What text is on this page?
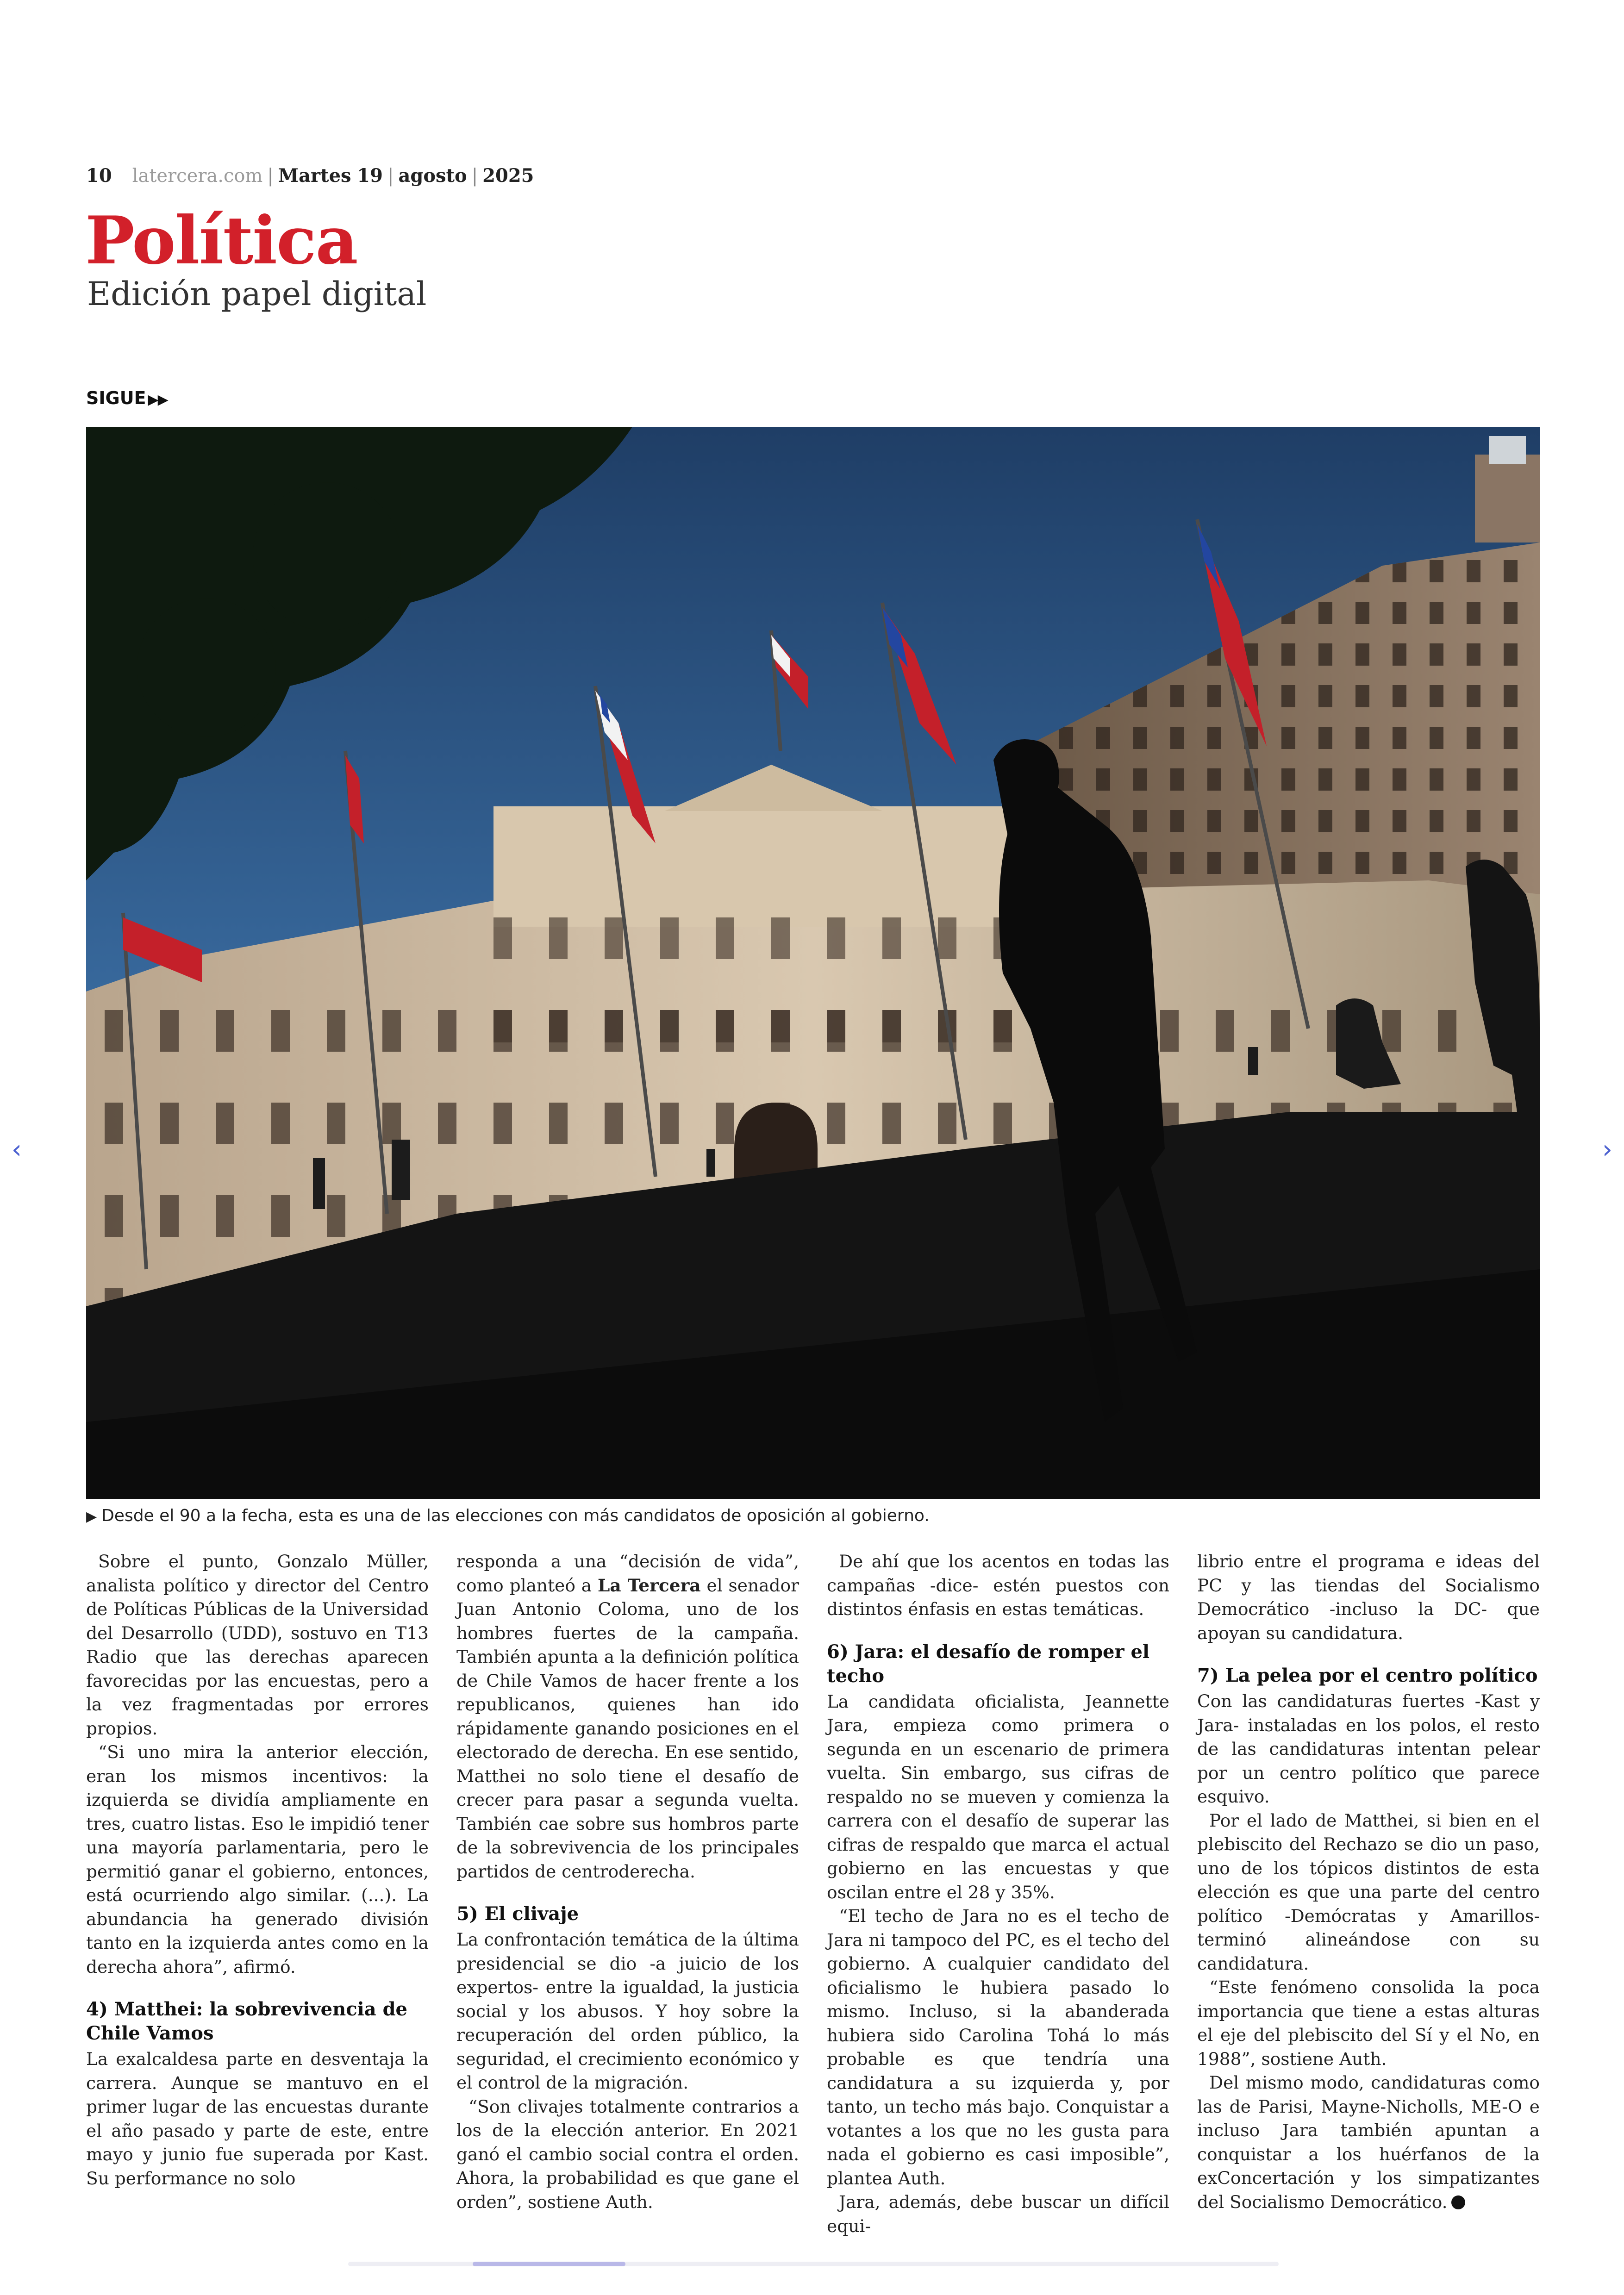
10 latercera.com | Martes 19 | agosto | 2025
Política
Edición papel digital
SIGUE ▶▶
▶ Desde el 90 a la fecha, esta es una de las elecciones con más candidatos de oposición al gobierno.

Sobre el punto, Gonzalo Müller, analista político y director del Centro de Políticas Públicas de la Universidad del Desarrollo (UDD), sostuvo en T13 Radio que las derechas aparecen favorecidas por las encuestas, pero a la vez fragmentadas por errores propios.

“Si uno mira la anterior elección, eran los mismos incentivos: la izquierda se dividía ampliamente en tres, cuatro listas. Eso le impidió tener una mayoría parlamentaria, pero le permitió ganar el gobierno, entonces, está ocurriendo algo similar. (...). La abundancia ha generado división tanto en la izquierda antes como en la derecha ahora”, afirmó.

4) Matthei: la sobrevivencia de Chile Vamos

La exalcaldesa parte en desventaja la carrera. Aunque se mantuvo en el primer lugar de las encuestas durante el año pasado y parte de este, entre mayo y junio fue superada por Kast. Su performance no solo

responda a una “decisión de vida”, como planteó a La Tercera el senador Juan Antonio Coloma, uno de los hombres fuertes de la campaña. También apunta a la definición política de Chile Vamos de hacer frente a los republicanos, quienes han ido rápidamente ganando posiciones en el electorado de derecha. En ese sentido, Matthei no solo tiene el desafío de crecer para pasar a segunda vuelta. También cae sobre sus hombros parte de la sobrevivencia de los principales partidos de centroderecha.

5) El clivaje

La confrontación temática de la última presidencial se dio -a juicio de los expertos- entre la igualdad, la justicia social y los abusos. Y hoy sobre la recuperación del orden público, la seguridad, el crecimiento económico y el control de la migración.

“Son clivajes totalmente contrarios a los de la elección anterior. En 2021 ganó el cambio social contra el orden. Ahora, la probabilidad es que gane el orden”, sostiene Auth.

De ahí que los acentos en todas las campañas -dice- estén puestos con distintos énfasis en estas temáticas.

6) Jara: el desafío de romper el techo

La candidata oficialista, Jeannette Jara, empieza como primera o segunda en un escenario de primera vuelta. Sin embargo, sus cifras de respaldo no se mueven y comienza la carrera con el desafío de superar las cifras de respaldo que marca el actual gobierno en las encuestas y que oscilan entre el 28 y 35%.

“El techo de Jara no es el techo de Jara ni tampoco del PC, es el techo del gobierno. A cualquier candidato del oficialismo le hubiera pasado lo mismo. Incluso, si la abanderada hubiera sido Carolina Tohá lo más probable es que tendría una candidatura a su izquierda y, por tanto, un techo más bajo. Conquistar a votantes a los que no les gusta para nada el gobierno es casi imposible”, plantea Auth.

Jara, además, debe buscar un difícil equi-

librio entre el programa e ideas del PC y las tiendas del Socialismo Democrático -incluso la DC- que apoyan su candidatura.

7) La pelea por el centro político

Con las candidaturas fuertes -Kast y Jara- instaladas en los polos, el resto de las candidaturas intentan pelear por un centro político que parece esquivo.

Por el lado de Matthei, si bien en el plebiscito del Rechazo se dio un paso, uno de los tópicos distintos de esta elección es que una parte del centro político -Demócratas y Amarillos- terminó alineándose con su candidatura.

“Este fenómeno consolida la poca importancia que tiene a estas alturas el eje del plebiscito del Sí y el No, en 1988”, sostiene Auth.

Del mismo modo, candidaturas como las de Parisi, Mayne-Nicholls, ME-O e incluso Jara también apuntan a conquistar a los huérfanos de la exConcertación y los simpatizantes del Socialismo Democrático.

‹	›
